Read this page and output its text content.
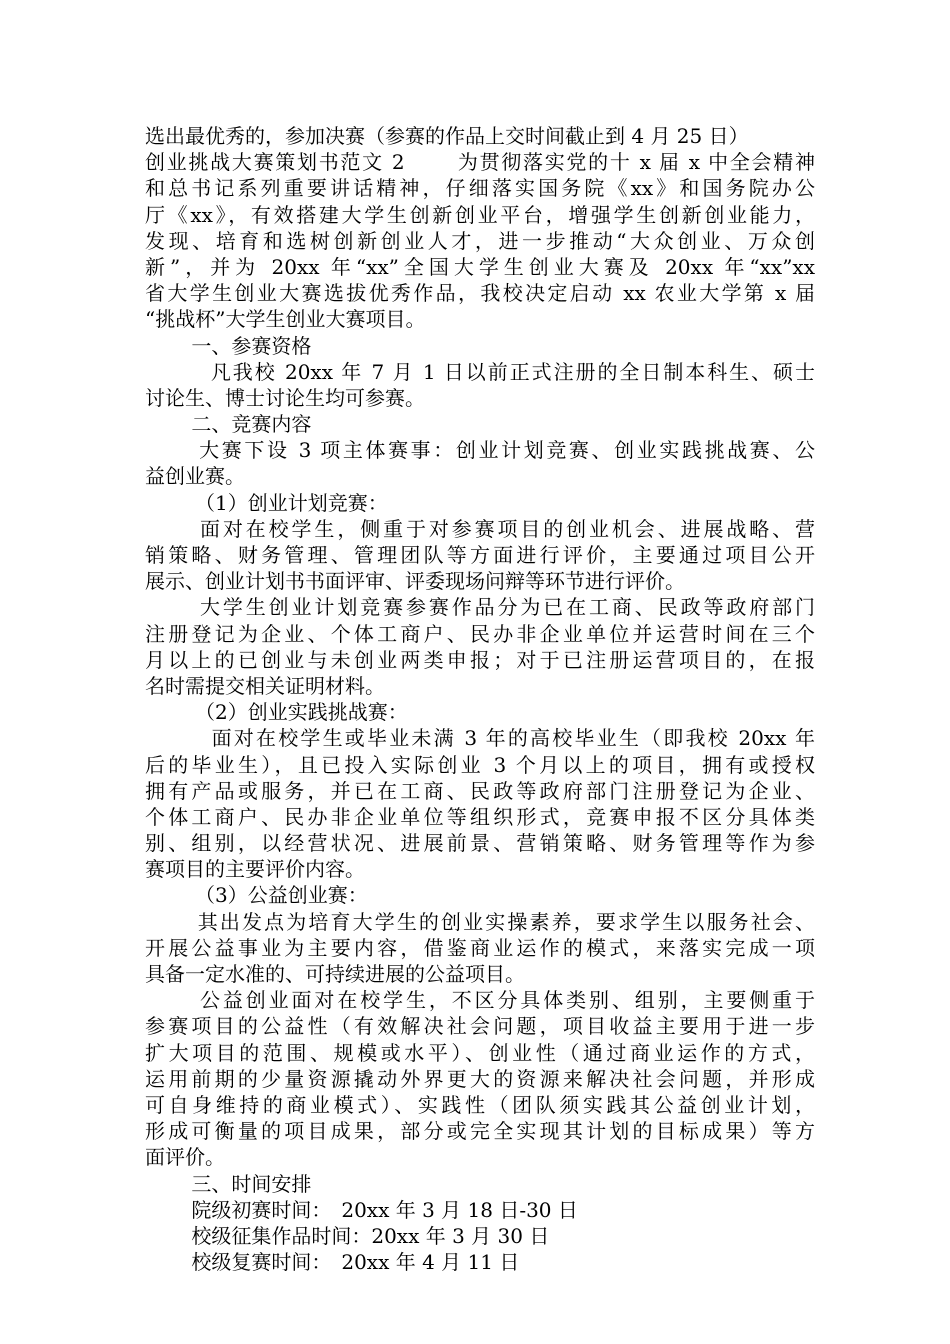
选出最优秀的，参加决赛（参赛的作品上交时间截止到 4 月 25 日）
创业挑战大赛策划书范文 2　　 为贯彻落实党的十 x 届 x 中全会精神
和总书记系列重要讲话精神，仔细落实国务院《xx》和国务院办公
厅《xx》，有效搭建大学生创新创业平台，增强学生创新创业能力，
发现、培育和选树创新创业人才，进一步推动“大众创业、万众创
新”，并为 20xx 年“xx”全国大学生创业大赛及 20xx 年“xx”xx
省大学生创业大赛选拔优秀作品，我校决定启动 xx 农业大学第 x 届
“挑战杯”大学生创业大赛项目。
　　 一、参赛资格
　　　凡我校 20xx 年 7 月 1 日以前正式注册的全日制本科生、硕士
讨论生、博士讨论生均可参赛。
　　 二、竞赛内容
　　 大赛下设 3 项主体赛事：创业计划竞赛、创业实践挑战赛、公
益创业赛。
　　　（1）创业计划竞赛：
　　 面对在校学生，侧重于对参赛项目的创业机会、进展战略、营
销策略、财务管理、管理团队等方面进行评价，主要通过项目公开
展示、创业计划书书面评审、评委现场问辩等环节进行评价。
　　 大学生创业计划竞赛参赛作品分为已在工商、民政等政府部门
注册登记为企业、个体工商户、民办非企业单位并运营时间在三个
月以上的已创业与未创业两类申报；对于已注册运营项目的，在报
名时需提交相关证明材料。
　　　（2）创业实践挑战赛：
　　　面对在校学生或毕业未满 3 年的高校毕业生（即我校 20xx 年
后的毕业生），且已投入实际创业 3 个月以上的项目，拥有或授权
拥有产品或服务，并已在工商、民政等政府部门注册登记为企业、
个体工商户、民办非企业单位等组织形式，竞赛申报不区分具体类
别、组别，以经营状况、进展前景、营销策略、财务管理等作为参
赛项目的主要评价内容。
　　　（3）公益创业赛：
　　 其出发点为培育大学生的创业实操素养，要求学生以服务社会、
开展公益事业为主要内容，借鉴商业运作的模式，来落实完成一项
具备一定水准的、可持续进展的公益项目。
　　 公益创业面对在校学生，不区分具体类别、组别，主要侧重于
参赛项目的公益性（有效解决社会问题，项目收益主要用于进一步
扩大项目的范围、规模或水平）、创业性（通过商业运作的方式，
运用前期的少量资源撬动外界更大的资源来解决社会问题，并形成
可自身维持的商业模式）、实践性（团队须实践其公益创业计划，
形成可衡量的项目成果，部分或完全实现其计划的目标成果）等方
面评价。
　　 三、时间安排
　　 院级初赛时间：　20xx 年 3 月 18 日-30 日
　　 校级征集作品时间：20xx 年 3 月 30 日
　　 校级复赛时间：　20xx 年 4 月 11 日
